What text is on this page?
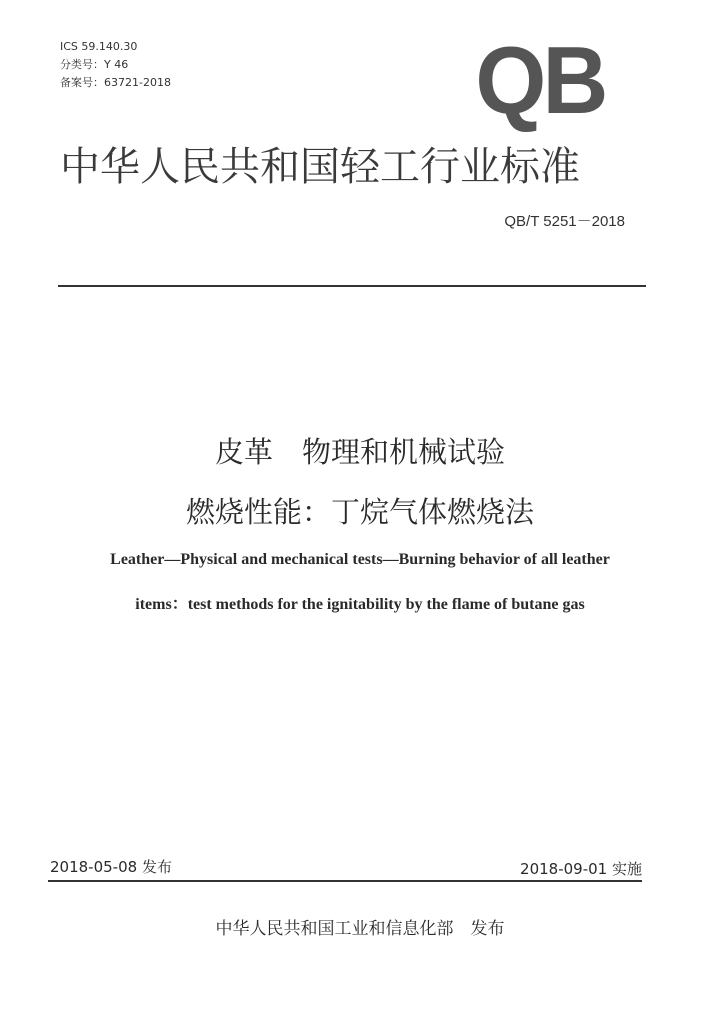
ICS 59.140.30
分类号：Y 46
备案号：63721-2018	QB
中华人民共和国轻工行业标准
QB/T 5251－2018
皮革　物理和机械试验
燃烧性能：丁烷气体燃烧法
Leather—Physical and mechanical tests—Burning behavior of all leather
items：test methods for the ignitability by the flame of butane gas
2018-05-08 发布	2018-09-01 实施
中华人民共和国工业和信息化部　发布
